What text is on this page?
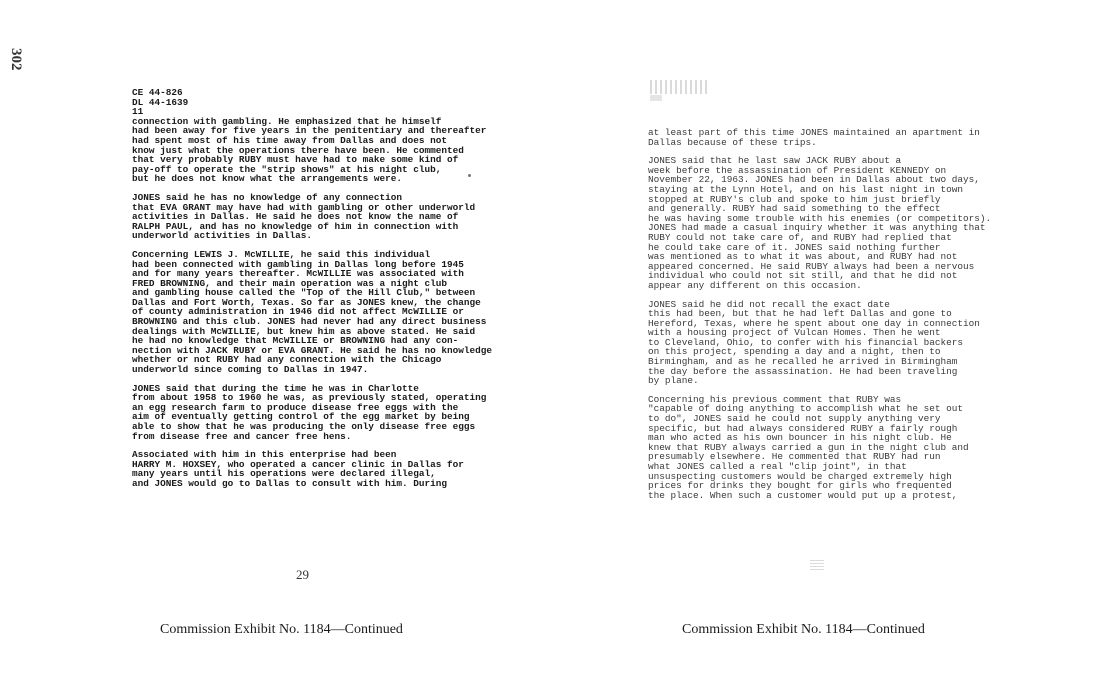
302
CE 44-826
DL 44-1639
11

connection with gambling. He emphasized that he himself
had been away for five years in the penitentiary and thereafter
had spent most of his time away from Dallas and does not
know just what the operations there have been. He commented
that very probably RUBY must have had to make some kind of
pay-off to operate the "strip shows" at his night club,
but he does not know what the arrangements were.

JONES said he has no knowledge of any connection
that EVA GRANT may have had with gambling or other underworld
activities in Dallas. He said he does not know the name of
RALPH PAUL, and has no knowledge of him in connection with
underworld activities in Dallas.

Concerning LEWIS J. McWILLIE, he said this individual
had been connected with gambling in Dallas long before 1945
and for many years thereafter. McWILLIE was associated with
FRED BROWNING, and their main operation was a night club
and gambling house called the "Top of the Hill Club," between
Dallas and Fort Worth, Texas. So far as JONES knew, the change
of county administration in 1946 did not affect McWILLIE or
BROWNING and this club. JONES had never had any direct business
dealings with McWILLIE, but knew him as above stated. He said
he had no knowledge that McWILLIE or BROWNING had any con-
nection with JACK RUBY or EVA GRANT. He said he has no knowledge
whether or not RUBY had any connection with the Chicago
underworld since coming to Dallas in 1947.

JONES said that during the time he was in Charlotte
from about 1958 to 1960 he was, as previously stated, operating
an egg research farm to produce disease free eggs with the
aim of eventually getting control of the egg market by being
able to show that he was producing the only disease free eggs
from disease free and cancer free hens.

Associated with him in this enterprise had been
HARRY M. HOXSEY, who operated a cancer clinic in Dallas for
many years until his operations were declared illegal,
and JONES would go to Dallas to consult with him. During

29
Commission Exhibit No. 1184—Continued

at least part of this time JONES maintained an apartment in
Dallas because of these trips.

JONES said that he last saw JACK RUBY about a
week before the assassination of President KENNEDY on
November 22, 1963. JONES had been in Dallas about two days,
staying at the Lynn Hotel, and on his last night in town
stopped at RUBY's club and spoke to him just briefly
and generally. RUBY had said something to the effect
he was having some trouble with his enemies (or competitors).
JONES had made a casual inquiry whether it was anything that
RUBY could not take care of, and RUBY had replied that
he could take care of it. JONES said nothing further
was mentioned as to what it was about, and RUBY had not
appeared concerned. He said RUBY always had been a nervous
individual who could not sit still, and that he did not
appear any different on this occasion.

JONES said he did not recall the exact date
this had been, but that he had left Dallas and gone to
Hereford, Texas, where he spent about one day in connection
with a housing project of Vulcan Homes. Then he went
to Cleveland, Ohio, to confer with his financial backers
on this project, spending a day and a night, then to
Birmingham, and as he recalled he arrived in Birmingham
the day before the assassination. He had been traveling
by plane.

Concerning his previous comment that RUBY was
"capable of doing anything to accomplish what he set out
to do", JONES said he could not supply anything very
specific, but had always considered RUBY a fairly rough
man who acted as his own bouncer in his night club. He
knew that RUBY always carried a gun in the night club and
presumably elsewhere. He commented that RUBY had run
what JONES called a real "clip joint", in that
unsuspecting customers would be charged extremely high
prices for drinks they bought for girls who frequented
the place. When such a customer would put up a protest,

Commission Exhibit No. 1184—Continued
